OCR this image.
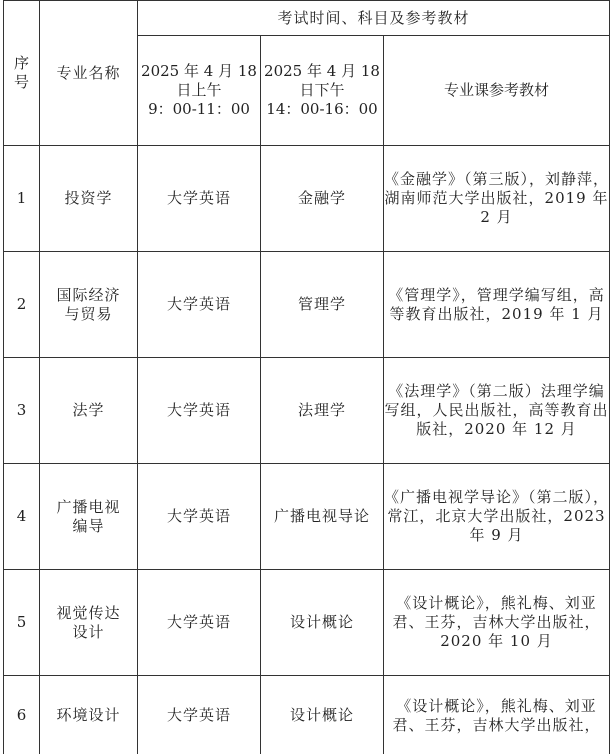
序
号	专业名称	考试时间、科目及参考教材		
		2025 年 4 月 18
日上午
9：00-11：00	2025 年 4 月 18
日下午
14：00-16：00	专业课参考教材
1	投资学	大学英语	金融学	《金融学》（第三版），刘静萍，湖南师范大学出版社，2019 年 2 月
2	国际经济
与贸易	大学英语	管理学	《管理学》，管理学编写组，高等教育出版社，2019 年 1 月
3	法学	大学英语	法理学	《法理学》（第二版）法理学编写组，人民出版社，高等教育出版社，2020 年 12 月
4	广播电视
编导	大学英语	广播电视导论	《广播电视学导论》（第二版），常江，北京大学出版社，2023 年 9 月
5	视觉传达
设计	大学英语	设计概论	《设计概论》，熊礼梅、刘亚君、王芬，吉林大学出版社，2020 年 10 月
6	环境设计	大学英语	设计概论	《设计概论》，熊礼梅、刘亚君、王芬，吉林大学出版社，
